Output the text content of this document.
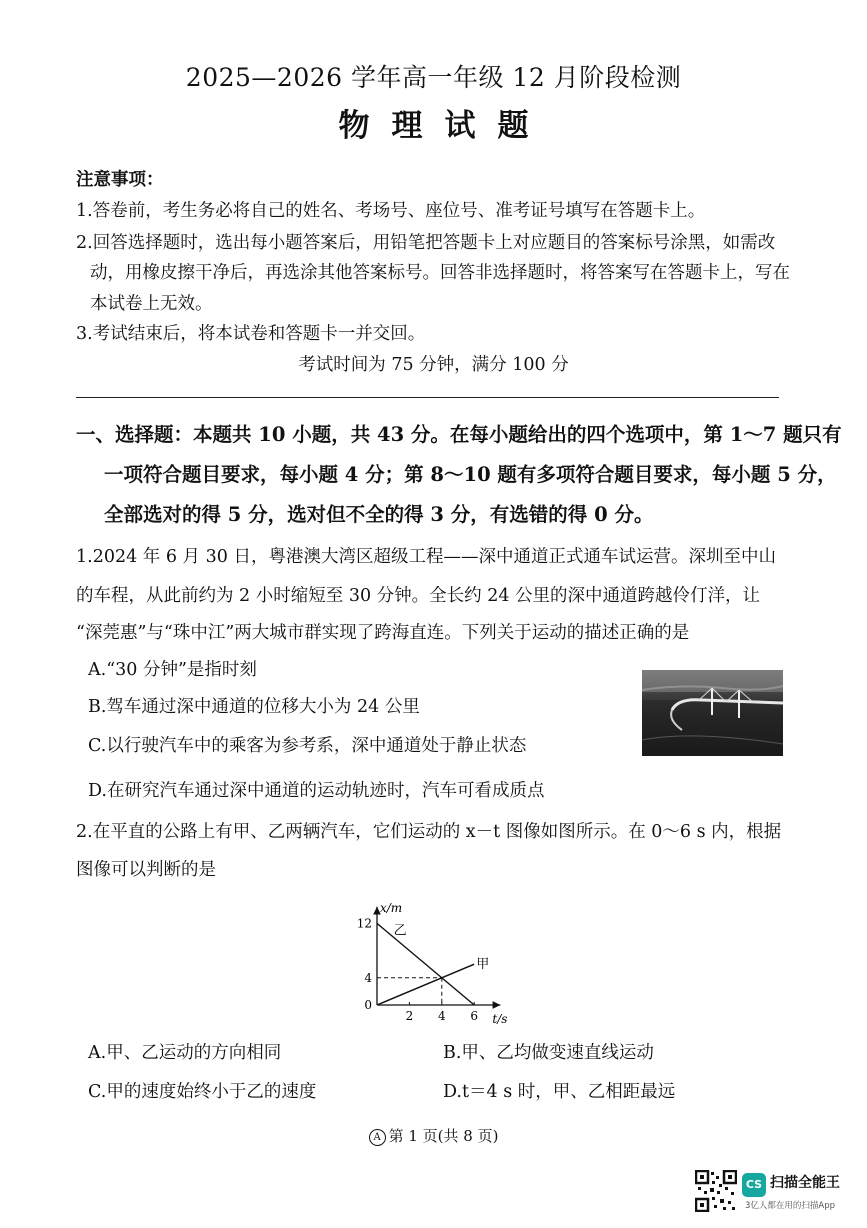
2025—2026 学年高一年级 12 月阶段检测
物理试题
注意事项：
1.答卷前，考生务必将自己的姓名、考场号、座位号、准考证号填写在答题卡上。
2.回答选择题时，选出每小题答案后，用铅笔把答题卡上对应题目的答案标号涂黑，如需改
动，用橡皮擦干净后，再选涂其他答案标号。回答非选择题时，将答案写在答题卡上，写在
本试卷上无效。
3.考试结束后，将本试卷和答题卡一并交回。
考试时间为 75 分钟，满分 100 分
一、选择题：本题共 10 小题，共 43 分。在每小题给出的四个选项中，第 1～7 题只有
一项符合题目要求，每小题 4 分；第 8～10 题有多项符合题目要求，每小题 5 分，
全部选对的得 5 分，选对但不全的得 3 分，有选错的得 0 分。
1.2024 年 6 月 30 日，粤港澳大湾区超级工程——深中通道正式通车试运营。深圳至中山
的车程，从此前约为 2 小时缩短至 30 分钟。全长约 24 公里的深中通道跨越伶仃洋，让
“深莞惠”与“珠中江”两大城市群实现了跨海直连。下列关于运动的描述正确的是
A.“30 分钟”是指时刻
B.驾车通过深中通道的位移大小为 24 公里
C.以行驶汽车中的乘客为参考系，深中通道处于静止状态
D.在研究汽车通过深中通道的运动轨迹时，汽车可看成质点
2.在平直的公路上有甲、乙两辆汽车，它们运动的 x－t 图像如图所示。在 0～6 s 内，根据
图像可以判断的是
x/m
t/s
2 4 6
0
4
12
甲
乙
A.甲、乙运动的方向相同	B.甲、乙均做变速直线运动
C.甲的速度始终小于乙的速度	D.t＝4 s 时，甲、乙相距最远
A 第 1 页(共 8 页)
CS 扫描全能王
3亿人都在用的扫描App
